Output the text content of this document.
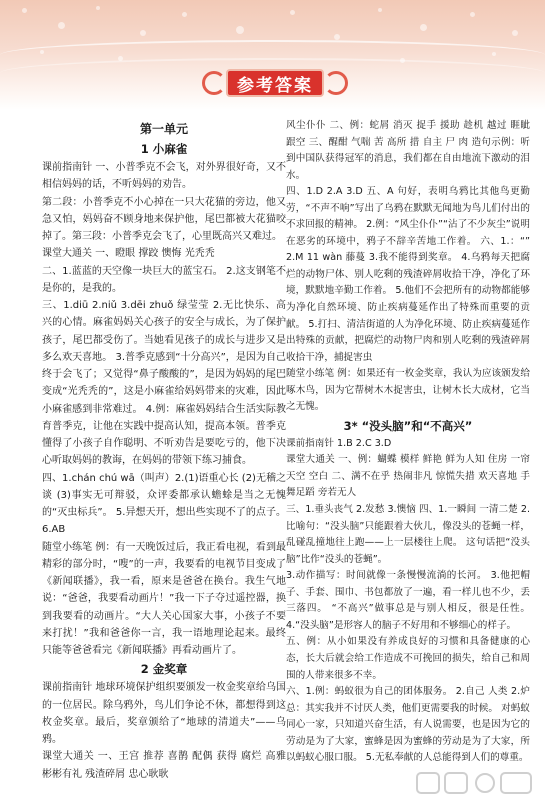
参考答案
第一单元
1 小麻雀

课前指南针 一、小普季克不会飞，对外界很好奇，又不相信妈妈的话，不听妈妈的劝告。

第二段：小普季克不小心掉在一只大花猫的旁边，他又急又怕，妈妈奋不顾身地来保护他，尾巴都被大花猫咬掉了。第三段：小普季克会飞了，心里既高兴又难过。

课堂大通关 一、瞪眼 撑跤 懊悔 光秃秃

二、1.蓝蓝的天空像一块巨大的蓝宝石。 2.这支钢笔不是你的，是我的。

三、1.diū 2.niǔ 3.dēi zhuǒ 绿莹莹 2.无比快乐、高兴的心情。麻雀妈妈关心孩子的安全与成长，为了保护孩子，尾巴都受伤了。当她看见孩子的成长与进步又是多么欢天喜地。 3.普季克感到“十分高兴”，是因为自己终于会飞了；又觉得“鼻子酸酸的”，是因为妈妈的尾巴变成“光秃秃的”，这是小麻雀给妈妈带来的灾难，因此小麻雀感到非常难过。 4.例：麻雀妈妈结合生活实际教育普季克，让他在实践中提高认知，提高本领。普季克懂得了小孩子自作聪明、不听劝告是要吃亏的，他下决心听取妈妈的教诲，在妈妈的带领下练习捕食。

四、1.chán chú wā（叫声）2.(1)语重心长 (2)无稽之谈 (3)事实无可辩驳，众评委都承认蟾蜍是当之无愧的“灭虫标兵”。 5.异想天开，想出些实现不了的点子。 6.AB

随堂小练笔 例：有一天晚饭过后，我正看电视，看到最精彩的部分时，“嗖”的一声，我要看的电视节目变成了《新闻联播》，我一看，原来是爸爸在换台。我生气地说：“爸爸，我要看动画片！”我一下子夺过遥控器，换到我要看的动画片。“大人关心国家大事，小孩子不要来打扰！”我和爸爸你一言，我一语地理论起来。最终只能等爸爸看完《新闻联播》再看动画片了。

2 金奖章

课前指南针 地球环境保护组织要颁发一枚金奖章给乌国的一位居民。除乌鸦外，鸟儿们争论不休，都想得到这枚金奖章。最后，奖章颁给了“地球的清道夫”——乌鸦。

课堂大通关 一、王宫 推荐 喜鹊 配偶 获得 腐烂 高雅 彬彬有礼 残渣碎屑 忠心耿耿

风尘仆仆 二、例：蛇屑 消灭 捉手 援助 趁机 越过 睚眦 跟空 三、醒酣 气喘 苦 高所 措 自主 尸 肉 造句示例：听到中国队获得冠军的消息，我们都在自由地流下激动的泪水。

四、1.D 2.A 3.D 五、A 句好，表明乌鸦比其他鸟更勤劳，“不声不响”写出了乌鸦在默默无闻地为鸟儿们付出的不求回报的精神。 2.例：“风尘仆仆”“沾了不少灰尘”说明在恶劣的环境中，鸦子不辞辛苦地工作着。 六、1.：“” 2.M 11 wàn 藤蔓 3.我不能得到奖章。 4.乌鸦每天把腐烂的动物尸体、别人吃剩的残渣碎屑收拾干净，净化了环境，默默地辛勤工作着。 5.他们不会把所有的动物都能够为净化自然环境、防止疾病蔓延作出了特殊而重要的贡献。 5.打扫、清洁街道的人为净化环境、防止疾病蔓延作出特殊的贡献，把腐烂的动物尸肉和别人吃剩的残渣碎屑收拾干净，捕捉害虫

随堂小练笔 例：如果还有一枚金奖章，我认为应该颁发给啄木鸟，因为它帮树木木捉害虫，让树木长大成材，它当之无愧。

3* “没头脑”和“不高兴”

课前指南针 1.B 2.C 3.D

课堂大通关 一、例：蝴蝶 模样 鲜艳 鲜为人知 住房 一帘 天空 空白 二、满不在乎 热闹非凡 惊慌失措 欢天喜地 手舞足蹈 旁若无人

三、1.垂头丧气 2.发愁 3.懊恼 四、1.一瞬间 一清二楚 2.比喻句：“没头脑”只能跟着大伙儿，像没头的苍蝇一样，乱碰乱撞地往上跑——上一层楼往上爬。 这句话把“没头脑”比作“没头的苍蝇”。

3.动作描写：时间就像一条慢慢流淌的长河。 3.他把帽子、手套、围巾、书包都放了一遍，看一样儿也不少，丢三落四。 “不高兴”做事总是与别人相反，很是任性。 4.“没头脑”是形容人的脑子不好用和不够细心的样子。

五、例：从小如果没有养成良好的习惯和具备健康的心态，长大后就会给工作造成不可挽回的损失，给自己和周围的人带来很多不幸。

六、1.例：蚂蚁很为自己的团体服务。 2.自己 人类 2.炉总：其实我并不讨厌人类，他们更需要我的时候。 对蚂蚁同心一家，只知道兴奋生活，有人说需要，也是因为它的劳动是为了大家，蜜蜂是因为蜜蜂的劳动是为了大家，所以蚂蚁心服口服。 5.无私奉献的人总能得到人们的尊重。
